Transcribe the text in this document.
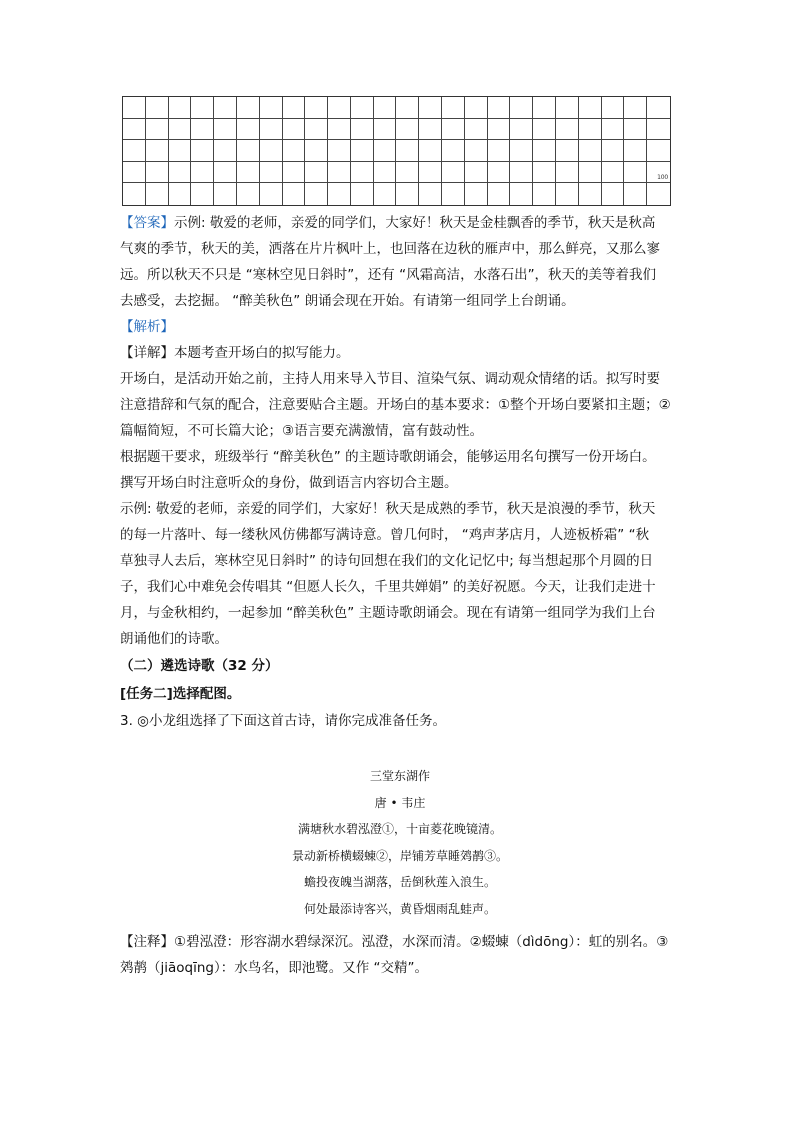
100
【答案】示例: 敬爱的老师，亲爱的同学们，大家好！秋天是金桂飘香的季节，秋天是秋高
气爽的季节，秋天的美，洒落在片片枫叶上，也回落在边秋的雁声中，那么鲜亮，又那么寥
远。所以秋天不只是 “寒林空见日斜时”，还有 “风霜高洁，水落石出”，秋天的美等着我们
去感受，去挖掘。 “醉美秋色” 朗诵会现在开始。有请第一组同学上台朗诵。
【解析】
【详解】本题考查开场白的拟写能力。
开场白，是活动开始之前，主持人用来导入节目、渲染气氛、调动观众情绪的话。拟写时要
注意措辞和气氛的配合，注意要贴合主题。开场白的基本要求：①整个开场白要紧扣主题；②
篇幅简短，不可长篇大论；③语言要充满激情，富有鼓动性。
根据题干要求，班级举行 “醉美秋色” 的主题诗歌朗诵会，能够运用名句撰写一份开场白。
撰写开场白时注意听众的身份，做到语言内容切合主题。
示例: 敬爱的老师，亲爱的同学们，大家好！秋天是成熟的季节，秋天是浪漫的季节，秋天
的每一片落叶、每一缕秋风仿佛都写满诗意。曾几何时， “鸡声茅店月，人迹板桥霜” “秋
草独寻人去后，寒林空见日斜时” 的诗句回想在我们的文化记忆中; 每当想起那个月圆的日
子，我们心中难免会传唱其 “但愿人长久，千里共婵娟” 的美好祝愿。今天，让我们走进十
月，与金秋相约，一起参加 “醉美秋色” 主题诗歌朗诵会。现在有请第一组同学为我们上台
朗诵他们的诗歌。
（二）遴选诗歌（32 分）
[任务二]选择配图。
3. ◎小龙组选择了下面这首古诗，请你完成准备任务。
三堂东湖作
唐 • 韦庄
满塘秋水碧泓澄①，十亩菱花晚镜清。
景动新桥横蝃蝀②，岸铺芳草睡䴔䴖③。
蟾投夜魄当湖落，岳倒秋莲入浪生。
何处最添诗客兴，黄昏烟雨乱蛙声。
【注释】①碧泓澄：形容湖水碧绿深沉。泓澄，水深而清。②蝃蝀（dìdōng）：虹的别名。③
䴔䴖（jiāoqīng）：水鸟名，即池鹭。又作 “交精”。
